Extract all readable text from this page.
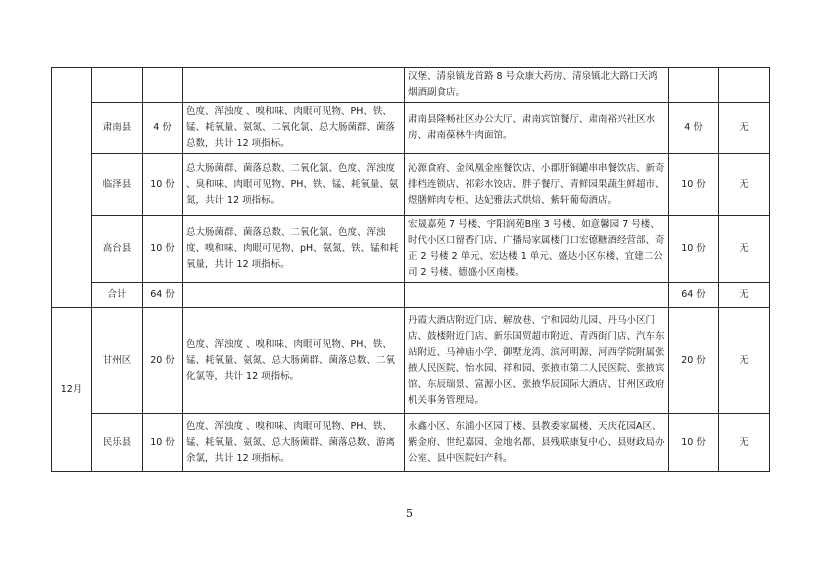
				汉堡、清泉镇龙首路 8 号众康大药房、清泉镇北大路口天鸿烟酒副食店。		
	肃南县	4 份	色度、浑浊度 、嗅和味、肉眼可见物、PH、铁、锰、耗氧量、氨氮、二氧化氯、总大肠菌群、菌落总数，共计 12 项指标。	肃南县隆畅社区办公大厅、肃南宾馆餐厅、肃南裕兴社区水房、肃南葆林牛肉面馆。	4 份	无
	临泽县	10 份	总大肠菌群、菌落总数、二氧化氯、色度、浑浊度 、臭和味、肉眼可见物、PH、铁、锰、耗氧量、氨氮，共计 12 项指标。	沁源食府、金凤凰金座餐饮店、小郡肝铜罐串串餐饮店、新奇排档连锁店、祁彩水饺店、胖子餐厅、青鲜园果蔬生鲜超市、煜膳鲜肉专柜、达妃雅法式烘焙、紫轩葡萄酒店。	10 份	无
	高台县	10 份	总大肠菌群、菌落总数、二氧化氯、色度、浑浊度、嗅和味、肉眼可见物、pH、氨氮、铁、锰和耗氧量，共计 12 项指标。	宏晟嘉苑 7 号楼、宇阳润苑B座 3 号楼、如意馨园 7 号楼、时代小区口留香门店、广播局家属楼门口宏德糖酒经营部、奇正 2 号楼 2 单元、宏达楼 1 单元、盛达小区东楼、宜建二公司 2 号楼、德盛小区南楼。	10 份	无
	合计	64 份			64 份	无
12月	甘州区	20 份	色度、浑浊度 、嗅和味、肉眼可见物、PH、铁、锰、耗氧量、氨氮、总大肠菌群、菌落总数、二氧化氯等，共计 12 项指标。	丹霞大酒店附近门店、解放巷、宁和园幼儿园、丹马小区门店、鼓楼附近门店、新乐国贸超市附近、青西街门店、汽车东站附近、马神庙小学、御墅龙湾、滨河明源、河西学院附属张掖人民医院、怡水园、祥和园、张掖市第二人民医院、张掖宾馆、东辰瑞景、富源小区、张掖华辰国际大酒店、甘州区政府机关事务管理局。	20 份	无
	民乐县	10 份	色度、浑浊度 、嗅和味、肉眼可见物、PH、铁、锰、耗氧量、氨氮、总大肠菌群、菌落总数、游离余氯，共计 12 项指标。	永鑫小区、东浦小区园丁楼、县教委家属楼、天庆花园A区、紫金府、世纪嘉园、金地名都、县残联康复中心、县财政局办公室、县中医院妇产科。	10 份	无
5
